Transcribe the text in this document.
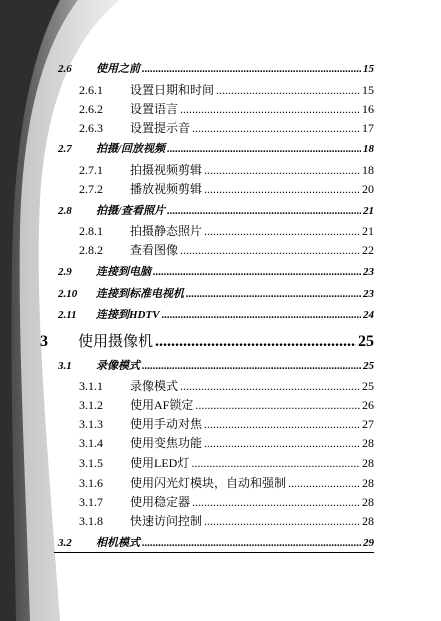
2.6	使用之前 .....	15
2.6.1	设置日期和时间 .....	15
2.6.2	设置语言 .....	16
2.6.3	设置提示音 .....	17
2.7	拍摄/回放视频 .....	18
2.7.1	拍摄视频剪辑 .....	18
2.7.2	播放视频剪辑 .....	20
2.8	拍摄/查看照片 .....	21
2.8.1	拍摄静态照片 .....	21
2.8.2	查看图像 .....	22
2.9	连接到电脑 .....	23
2.10	连接到标准电视机 .....	23
2.11	连接到HDTV .....	24
3	使用摄像机 .....	25
3.1	录像模式 .....	25
3.1.1	录像模式 .....	25
3.1.2	使用AF锁定 .....	26
3.1.3	使用手动对焦 .....	27
3.1.4	使用变焦功能 .....	28
3.1.5	使用LED灯 .....	28
3.1.6	使用闪光灯模块，自动和强制 .....	28
3.1.7	使用稳定器 .....	28
3.1.8	快速访问控制 .....	28
3.2	相机模式 .....	29
